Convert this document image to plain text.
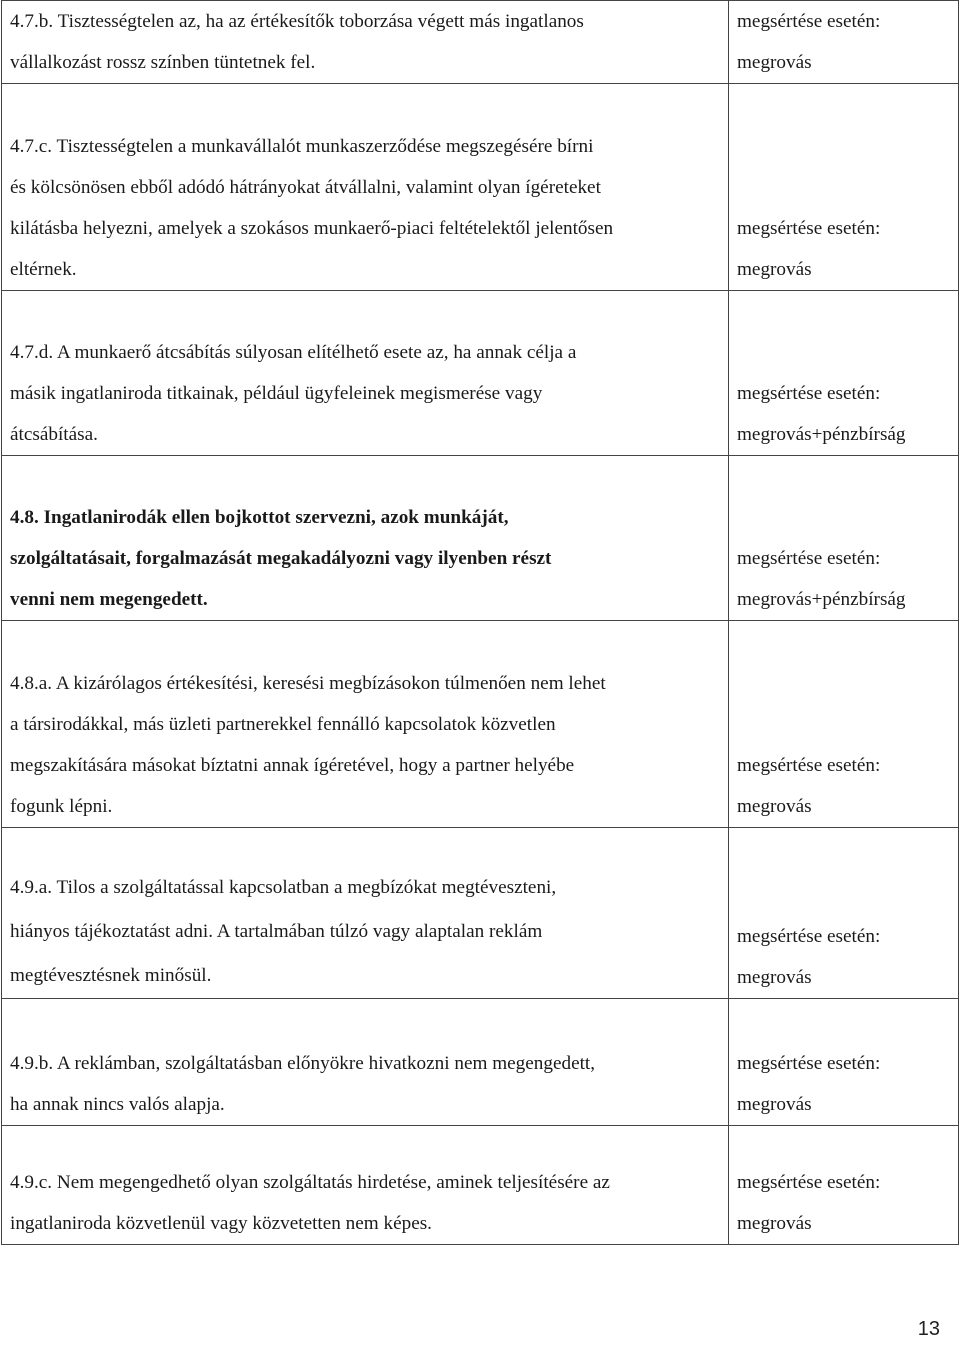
4.7.b. Tisztességtelen az, ha az értékesítők toborzása végett más ingatlanos
vállalkozást rossz színben tüntetnek fel.	megsértése esetén:
megrovás

4.7.c. Tisztességtelen a munkavállalót munkaszerződése megszegésére bírni
és kölcsönösen ebből adódó hátrányokat átvállalni, valamint olyan ígéreteket
kilátásba helyezni, amelyek a szokásos munkaerő-piaci feltételektől jelentősen
eltérnek.	megsértése esetén:
megrovás

4.7.d. A munkaerő átcsábítás súlyosan elítélhető esete az, ha annak célja a
másik ingatlaniroda titkainak, például ügyfeleinek megismerése vagy
átcsábítása.	megsértése esetén:
megrovás+pénzbírság

4.8. Ingatlanirodák ellen bojkottot szervezni, azok munkáját,
szolgáltatásait, forgalmazását megakadályozni vagy ilyenben részt
venni nem megengedett.	megsértése esetén:
megrovás+pénzbírság

4.8.a. A kizárólagos értékesítési, keresési megbízásokon túlmenően nem lehet
a társirodákkal, más üzleti partnerekkel fennálló kapcsolatok közvetlen
megszakítására másokat bíztatni annak ígéretével, hogy a partner helyébe
fogunk lépni.	megsértése esetén:
megrovás

4.9.a. Tilos a szolgáltatással kapcsolatban a megbízókat megtéveszteni,
hiányos tájékoztatást adni. A tartalmában túlzó vagy alaptalan reklám
megtévesztésnek minősül.	megsértése esetén:
megrovás

4.9.b. A reklámban, szolgáltatásban előnyökre hivatkozni nem megengedett,
ha annak nincs valós alapja.	megsértése esetén:
megrovás

4.9.c. Nem megengedhető olyan szolgáltatás hirdetése, aminek teljesítésére az
ingatlaniroda közvetlenül vagy közvetetten nem képes.	megsértése esetén:
megrovás
13
